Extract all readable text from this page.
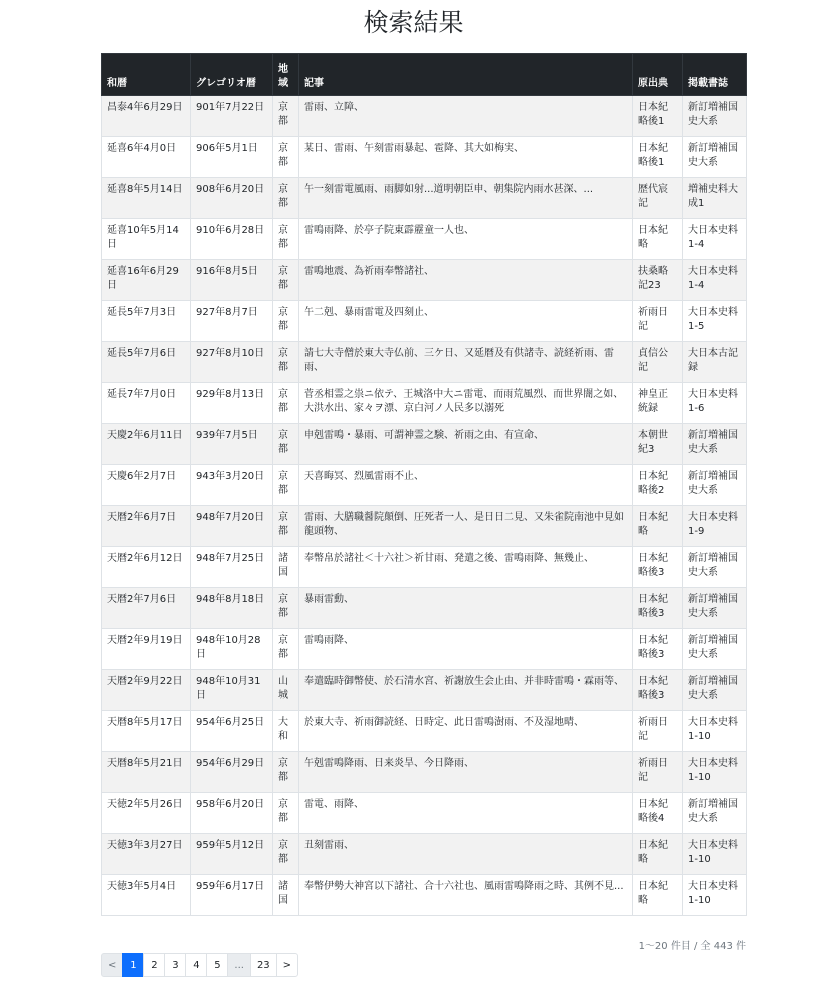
検索結果
和暦	グレゴリオ暦	地域	記事	原出典	掲載書誌
昌泰4年6月29日	901年7月22日	京都	雷雨、立障、	日本紀略後1	新訂増補国史大系
延喜6年4月0日	906年5月1日	京都	某日、雷雨、午刻雷雨暴起、雹降、其大如梅実、	日本紀略後1	新訂増補国史大系
延喜8年5月14日	908年6月20日	京都	午一刻雷電風雨、雨脚如射...道明朝臣申、朝集院内雨水甚深、...	歴代宸記	増補史料大成1
延喜10年5月14日	910年6月28日	京都	雷鳴雨降、於亭子院東霹靂童一人也、	日本紀略	大日本史料1-4
延喜16年6月29日	916年8月5日	京都	雷鳴地震、為祈雨奉幣諸社、	扶桑略記23	大日本史料1-4
延長5年7月3日	927年8月7日	京都	午二剋、暴雨雷電及四刻止、	祈雨日記	大日本史料1-5
延長5年7月6日	927年8月10日	京都	請七大寺僧於東大寺仏前、三ケ日、又延暦及有供諸寺、読経祈雨、雷雨、	貞信公記	大日本古記録
延長7年7月0日	929年8月13日	京都	菅丞相霊之祟ニ依テ、王城洛中大ニ雷電、而雨荒風烈、而世界闇之如、大洪水出、家々ヲ漂、京白河ノ人民多以溺死	神皇正統録	大日本史料1-6
天慶2年6月11日	939年7月5日	京都	申剋雷鳴・暴雨、可謂神霊之験、祈雨之由、有宣命、	本朝世紀3	新訂増補国史大系
天慶6年2月7日	943年3月20日	京都	天喜晦冥、烈風雷雨不止、	日本紀略後2	新訂増補国史大系
天暦2年6月7日	948年7月20日	京都	雷雨、大膳職醤院顛倒、圧死者一人、是日日二見、又朱雀院南池中見如龍頭物、	日本紀略	大日本史料1-9
天暦2年6月12日	948年7月25日	諸国	奉幣帛於諸社＜十六社＞祈甘雨、発遣之後、雷鳴雨降、無幾止、	日本紀略後3	新訂増補国史大系
天暦2年7月6日	948年8月18日	京都	暴雨雷動、	日本紀略後3	新訂増補国史大系
天暦2年9月19日	948年10月28日	京都	雷鳴雨降、	日本紀略後3	新訂増補国史大系
天暦2年9月22日	948年10月31日	山城	奉遣臨時御幣使、於石清水宮、祈謝放生会止由、并非時雷鳴・霖雨等、	日本紀略後3	新訂増補国史大系
天暦8年5月17日	954年6月25日	大和	於東大寺、祈雨御読経、日時定、此日雷鳴澍雨、不及湿地晴、	祈雨日記	大日本史料1-10
天暦8年5月21日	954年6月29日	京都	午剋雷鳴降雨、日来炎旱、今日降雨、	祈雨日記	大日本史料1-10
天徳2年5月26日	958年6月20日	京都	雷電、雨降、	日本紀略後4	新訂増補国史大系
天徳3年3月27日	959年5月12日	京都	丑刻雷雨、	日本紀略	大日本史料1-10
天徳3年5月4日	959年6月17日	諸国	奉幣伊勢大神宮以下諸社、合十六社也、風雨雷鳴降雨之時、其例不見...	日本紀略	大日本史料1-10
1〜20 件目 / 全 443 件
<	1	2	3	4	5	...	23	>
